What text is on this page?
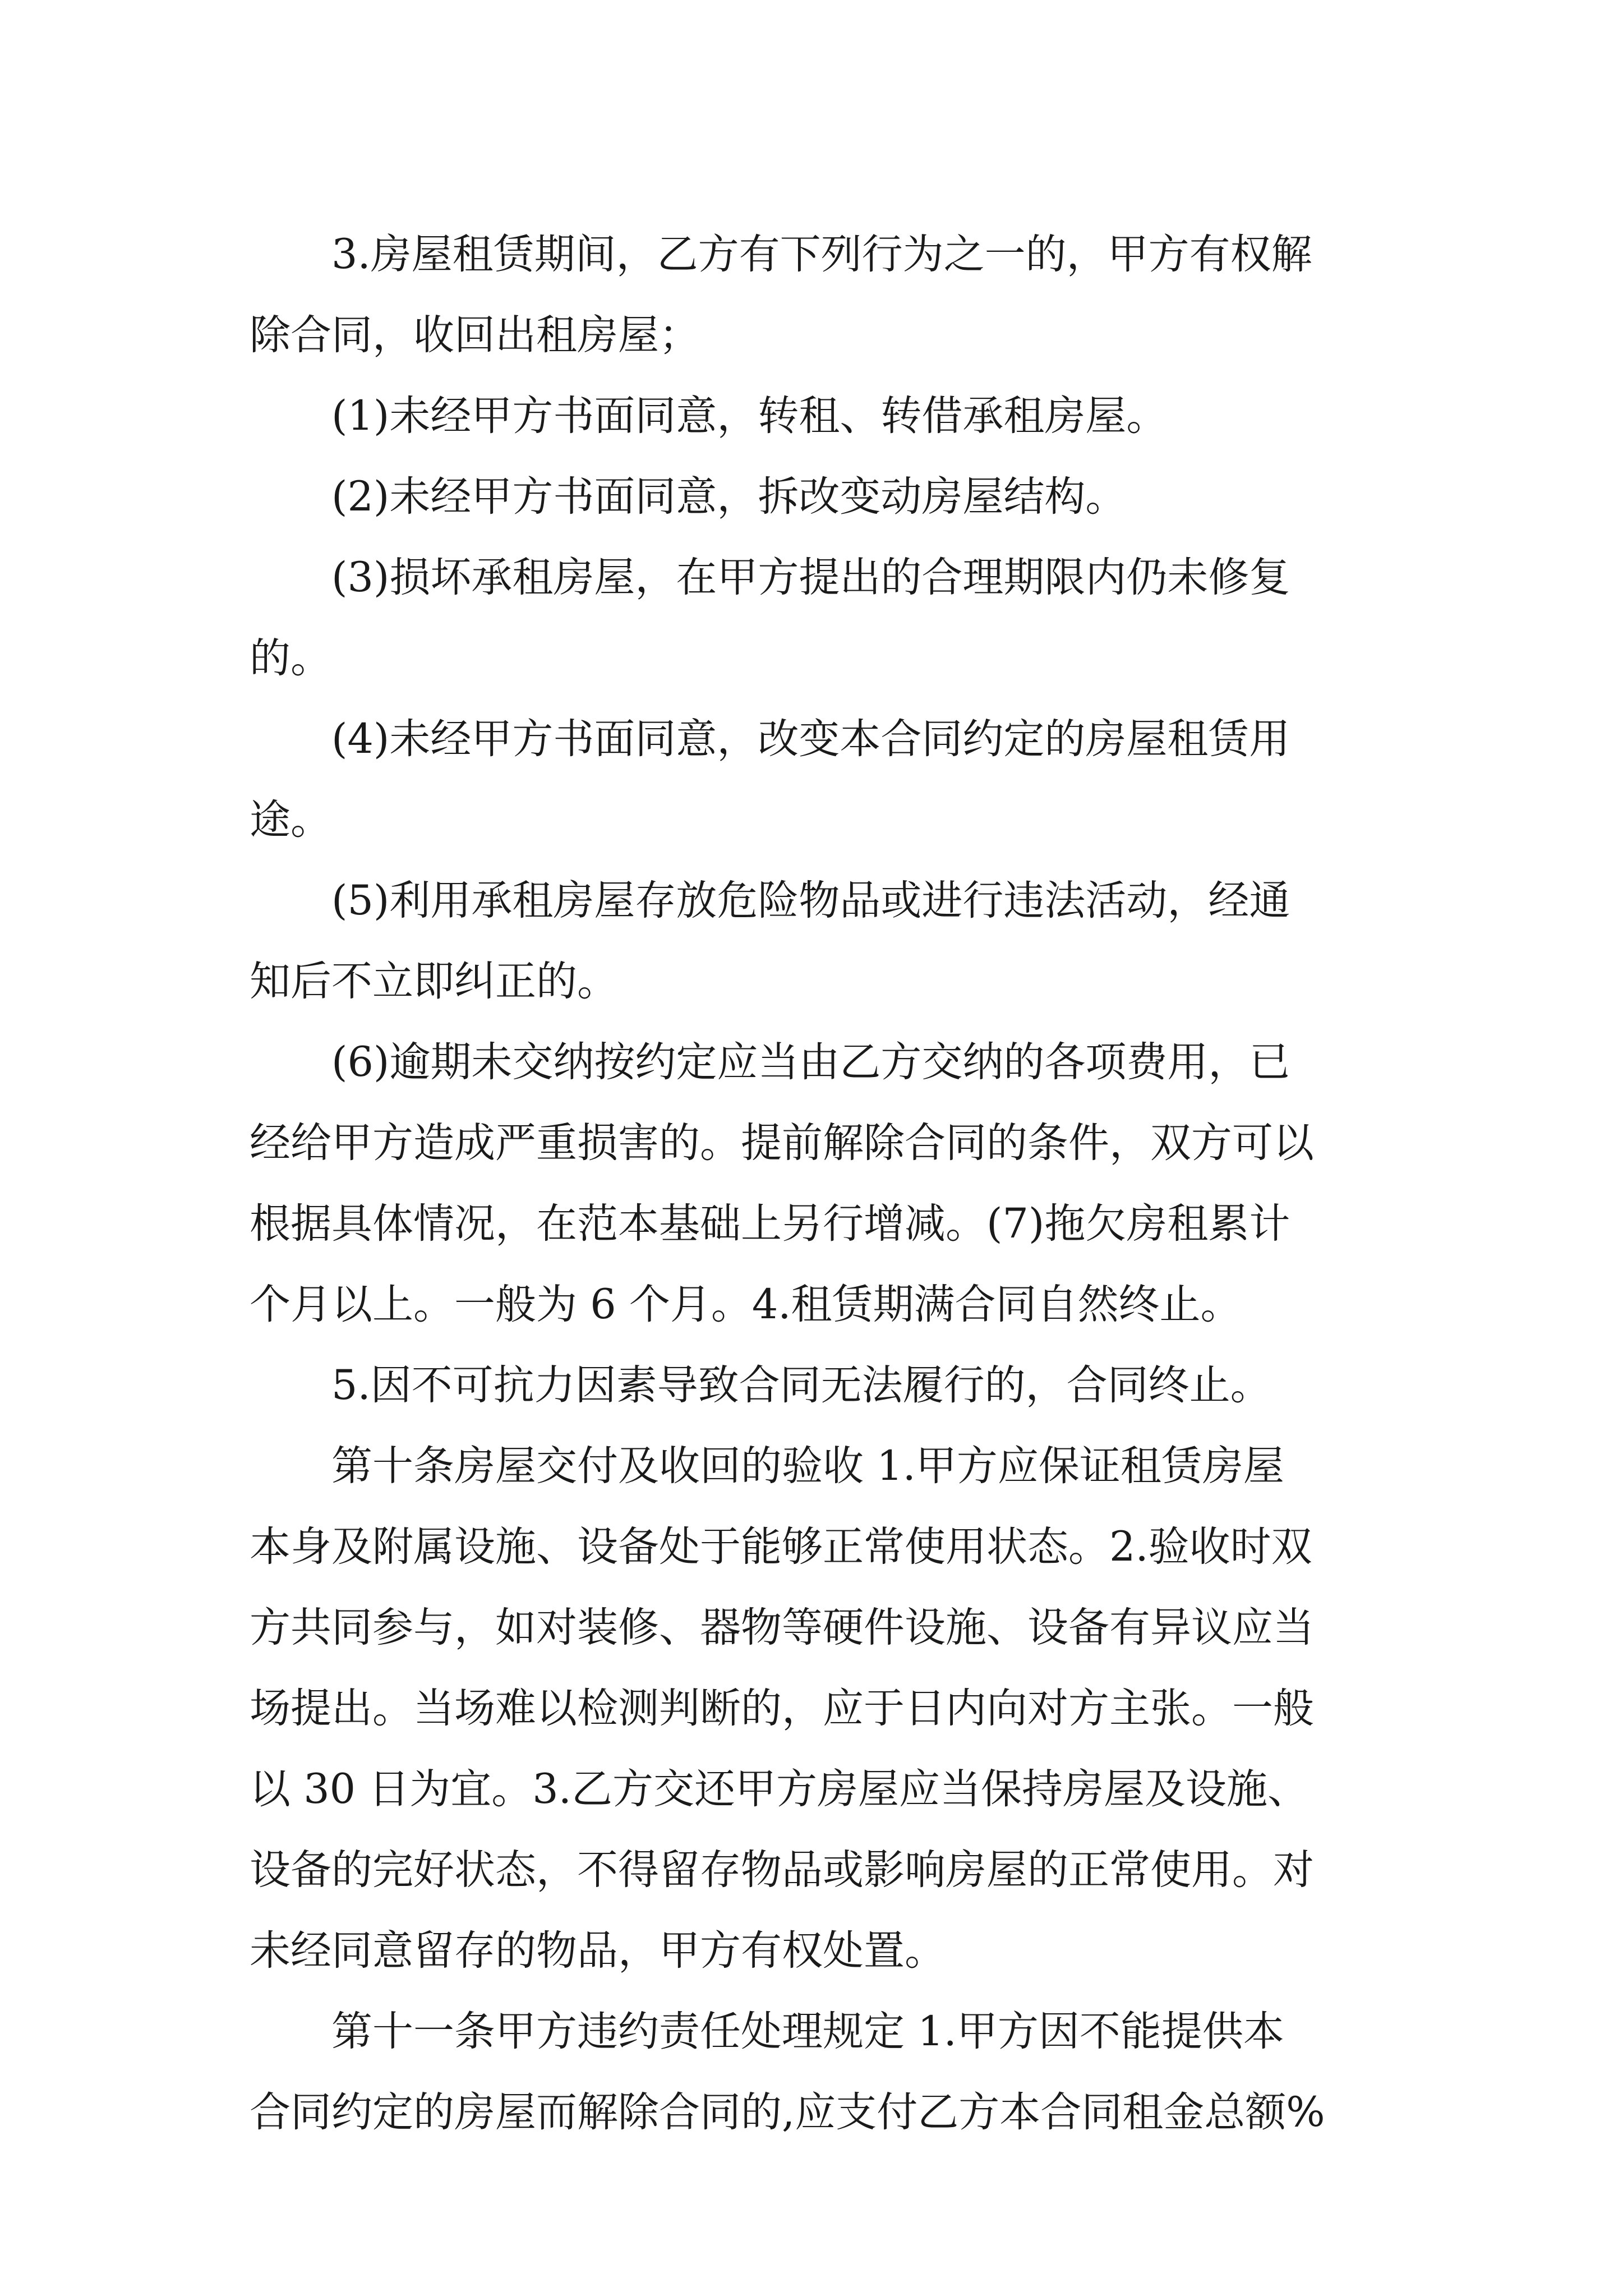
3.房屋租赁期间，乙方有下列行为之一的，甲方有权解
除合同，收回出租房屋；
(1)未经甲方书面同意，转租、转借承租房屋。
(2)未经甲方书面同意，拆改变动房屋结构。
(3)损坏承租房屋，在甲方提出的合理期限内仍未修复
的。
(4)未经甲方书面同意，改变本合同约定的房屋租赁用
途。
(5)利用承租房屋存放危险物品或进行违法活动，经通
知后不立即纠正的。
(6)逾期未交纳按约定应当由乙方交纳的各项费用，已
经给甲方造成严重损害的。提前解除合同的条件，双方可以
根据具体情况，在范本基础上另行增减。(7)拖欠房租累计
个月以上。一般为 6 个月。4.租赁期满合同自然终止。
5.因不可抗力因素导致合同无法履行的，合同终止。
第十条房屋交付及收回的验收 1.甲方应保证租赁房屋
本身及附属设施、设备处于能够正常使用状态。2.验收时双
方共同参与，如对装修、器物等硬件设施、设备有异议应当
场提出。当场难以检测判断的，应于日内向对方主张。一般
以 30 日为宜。3.乙方交还甲方房屋应当保持房屋及设施、
设备的完好状态，不得留存物品或影响房屋的正常使用。对
未经同意留存的物品，甲方有权处置。
第十一条甲方违约责任处理规定 1.甲方因不能提供本
合同约定的房屋而解除合同的,应支付乙方本合同租金总额%
